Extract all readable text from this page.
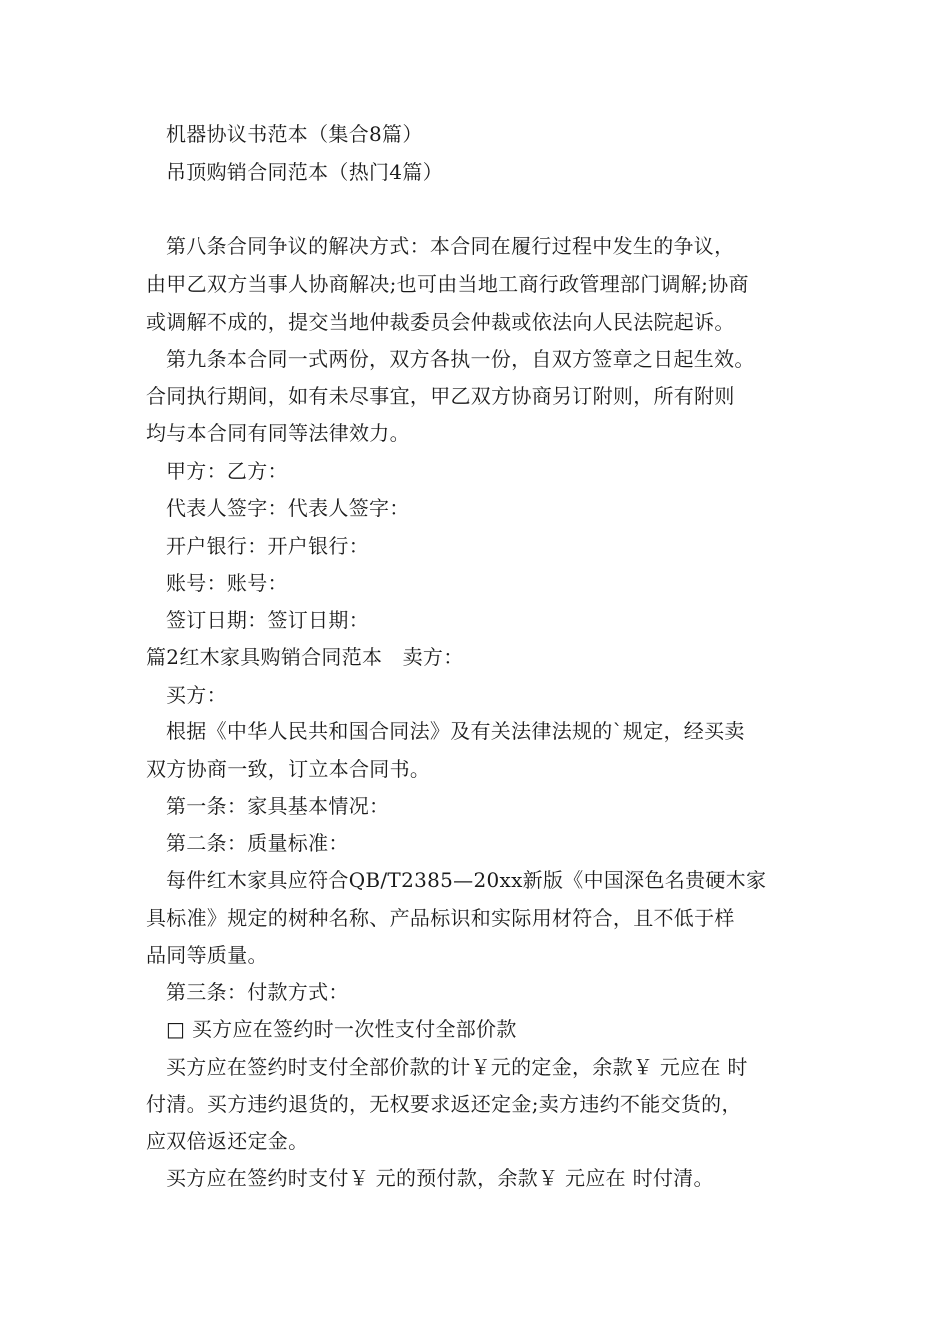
机器协议书范本（集合8篇）
吊顶购销合同范本（热门4篇）
第八条合同争议的解决方式：本合同在履行过程中发生的争议，
由甲乙双方当事人协商解决;也可由当地工商行政管理部门调解;协商
或调解不成的，提交当地仲裁委员会仲裁或依法向人民法院起诉。
第九条本合同一式两份，双方各执一份，自双方签章之日起生效。
合同执行期间，如有未尽事宜，甲乙双方协商另订附则，所有附则
均与本合同有同等法律效力。
甲方：乙方：
代表人签字：代表人签字：
开户银行：开户银行：
账号：账号：
签订日期：签订日期：
篇2红木家具购销合同范本　卖方：
买方：
根据《中华人民共和国合同法》及有关法律法规的`规定，经买卖
双方协商一致，订立本合同书。
第一条：家具基本情况：
第二条：质量标准：
每件红木家具应符合QB/T2385—20xx新版《中国深色名贵硬木家
具标准》规定的树种名称、产品标识和实际用材符合，且不低于样
品同等质量。
第三条：付款方式：
□ 买方应在签约时一次性支付全部价款
买方应在签约时支付全部价款的计￥元的定金，余款￥ 元应在 时
付清。买方违约退货的，无权要求返还定金;卖方违约不能交货的，
应双倍返还定金。
买方应在签约时支付￥ 元的预付款，余款￥ 元应在 时付清。
